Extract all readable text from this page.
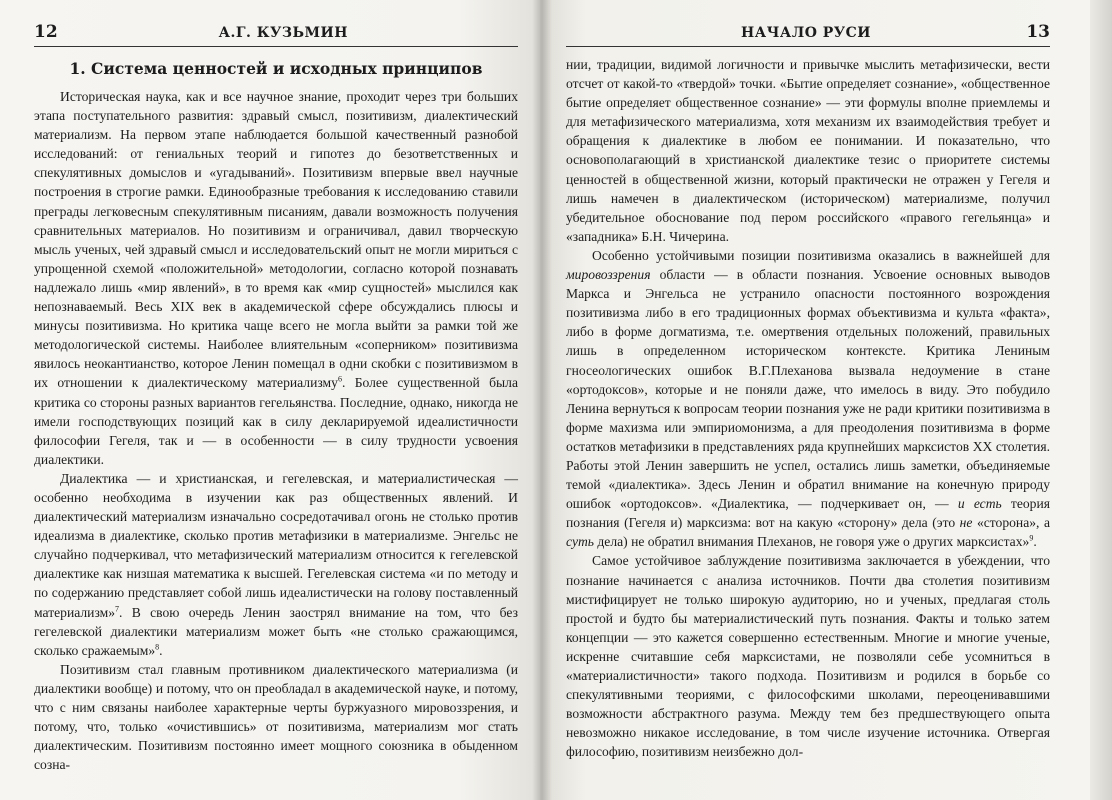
12	А.Г. КУЗЬМИН
1. Система ценностей и исходных принципов

Историческая наука, как и все научное знание, проходит через три больших этапа поступательного развития: здравый смысл, позитивизм, диалектический материализм. На первом этапе наблюдается большой качественный разнобой исследований: от гениальных теорий и гипотез до безответственных и спекулятивных домыслов и «угадываний». Позитивизм впервые ввел научные построения в строгие рамки. Единообразные требования к исследованию ставили преграды легковесным спекулятивным писаниям, давали возможность получения сравнительных материалов. Но позитивизм и ограничивал, давил творческую мысль ученых, чей здравый смысл и исследовательский опыт не могли мириться с упрощенной схемой «положительной» методологии, согласно которой познавать надлежало лишь «мир явлений», в то время как «мир сущностей» мыслился как непознаваемый. Весь XIX век в академической сфере обсуждались плюсы и минусы позитивизма. Но критика чаще всего не могла выйти за рамки той же методологической системы. Наиболее влиятельным «соперником» позитивизма явилось неокантианство, которое Ленин помещал в одни скобки с позитивизмом в их отношении к диалектическому материализму$^6$. Более существенной была критика со стороны разных вариантов гегельянства. Последние, однако, никогда не имели господствующих позиций как в силу декларируемой идеалистичности философии Гегеля, так и — в особенности — в силу трудности усвоения диалектики.

Диалектика — и христианская, и гегелевская, и материалистическая — особенно необходима в изучении как раз общественных явлений. И диалектический материализм изначально сосредотачивал огонь не столько против идеализма в диалектике, сколько против метафизики в материализме. Энгельс не случайно подчеркивал, что метафизический материализм относится к гегелевской диалектике как низшая математика к высшей. Гегелевская система «и по методу и по содержанию представляет собой лишь идеалистически на голову поставленный материализм»$^7$. В свою очередь Ленин заострял внимание на том, что без гегелевской диалектики материализм может быть «не столько сражающимся, сколько сражаемым»$^8$.

Позитивизм стал главным противником диалектического материализма (и диалектики вообще) и потому, что он преобладал в академической науке, и потому, что с ним связаны наиболее характерные черты буржуазного мировоззрения, и потому, что, только «очистившись» от позитивизма, материализм мог стать диалектическим. Позитивизм постоянно имеет мощного союзника в обыденном созна-

НАЧАЛО РУСИ	13

нии, традиции, видимой логичности и привычке мыслить метафизически, вести отсчет от какой-то «твердой» точки. «Бытие определяет сознание», «общественное бытие определяет общественное сознание» — эти формулы вполне приемлемы и для метафизического материализма, хотя механизм их взаимодействия требует и обращения к диалектике в любом ее понимании. И показательно, что основополагающий в христианской диалектике тезис о приоритете системы ценностей в общественной жизни, который практически не отражен у Гегеля и лишь намечен в диалектическом (историческом) материализме, получил убедительное обоснование под пером российского «правого гегельянца» и «западника» Б.Н. Чичерина.

Особенно устойчивыми позиции позитивизма оказались в важнейшей для мировоззрения области — в области познания. Усвоение основных выводов Маркса и Энгельса не устранило опасности постоянного возрождения позитивизма либо в его традиционных формах объективизма и культа «факта», либо в форме догматизма, т.е. омертвения отдельных положений, правильных лишь в определенном историческом контексте. Критика Лениным гносеологических ошибок В.Г.Плеханова вызвала недоумение в стане «ортодоксов», которые и не поняли даже, что имелось в виду. Это побудило Ленина вернуться к вопросам теории познания уже не ради критики позитивизма в форме махизма или эмпириомонизма, а для преодоления позитивизма в форме остатков метафизики в представлениях ряда крупнейших марксистов XX столетия. Работы этой Ленин завершить не успел, остались лишь заметки, объединяемые темой «диалектика». Здесь Ленин и обратил внимание на конечную природу ошибок «ортодоксов». «Диалектика, — подчеркивает он, — и есть теория познания (Гегеля и) марксизма: вот на какую «сторону» дела (это не «сторона», а суть дела) не обратил внимания Плеханов, не говоря уже о других марксистах»$^9$.

Самое устойчивое заблуждение позитивизма заключается в убеждении, что познание начинается с анализа источников. Почти два столетия позитивизм мистифицирует не только широкую аудиторию, но и ученых, предлагая столь простой и будто бы материалистический путь познания. Факты и только затем концепции — это кажется совершенно естественным. Многие и многие ученые, искренне считавшие себя марксистами, не позволяли себе усомниться в «материалистичности» такого подхода. Позитивизм и родился в борьбе со спекулятивными теориями, с философскими школами, переоценивавшими возможности абстрактного разума. Между тем без предшествующего опыта невозможно никакое исследование, в том числе изучение источника. Отвергая философию, позитивизм неизбежно дол-
